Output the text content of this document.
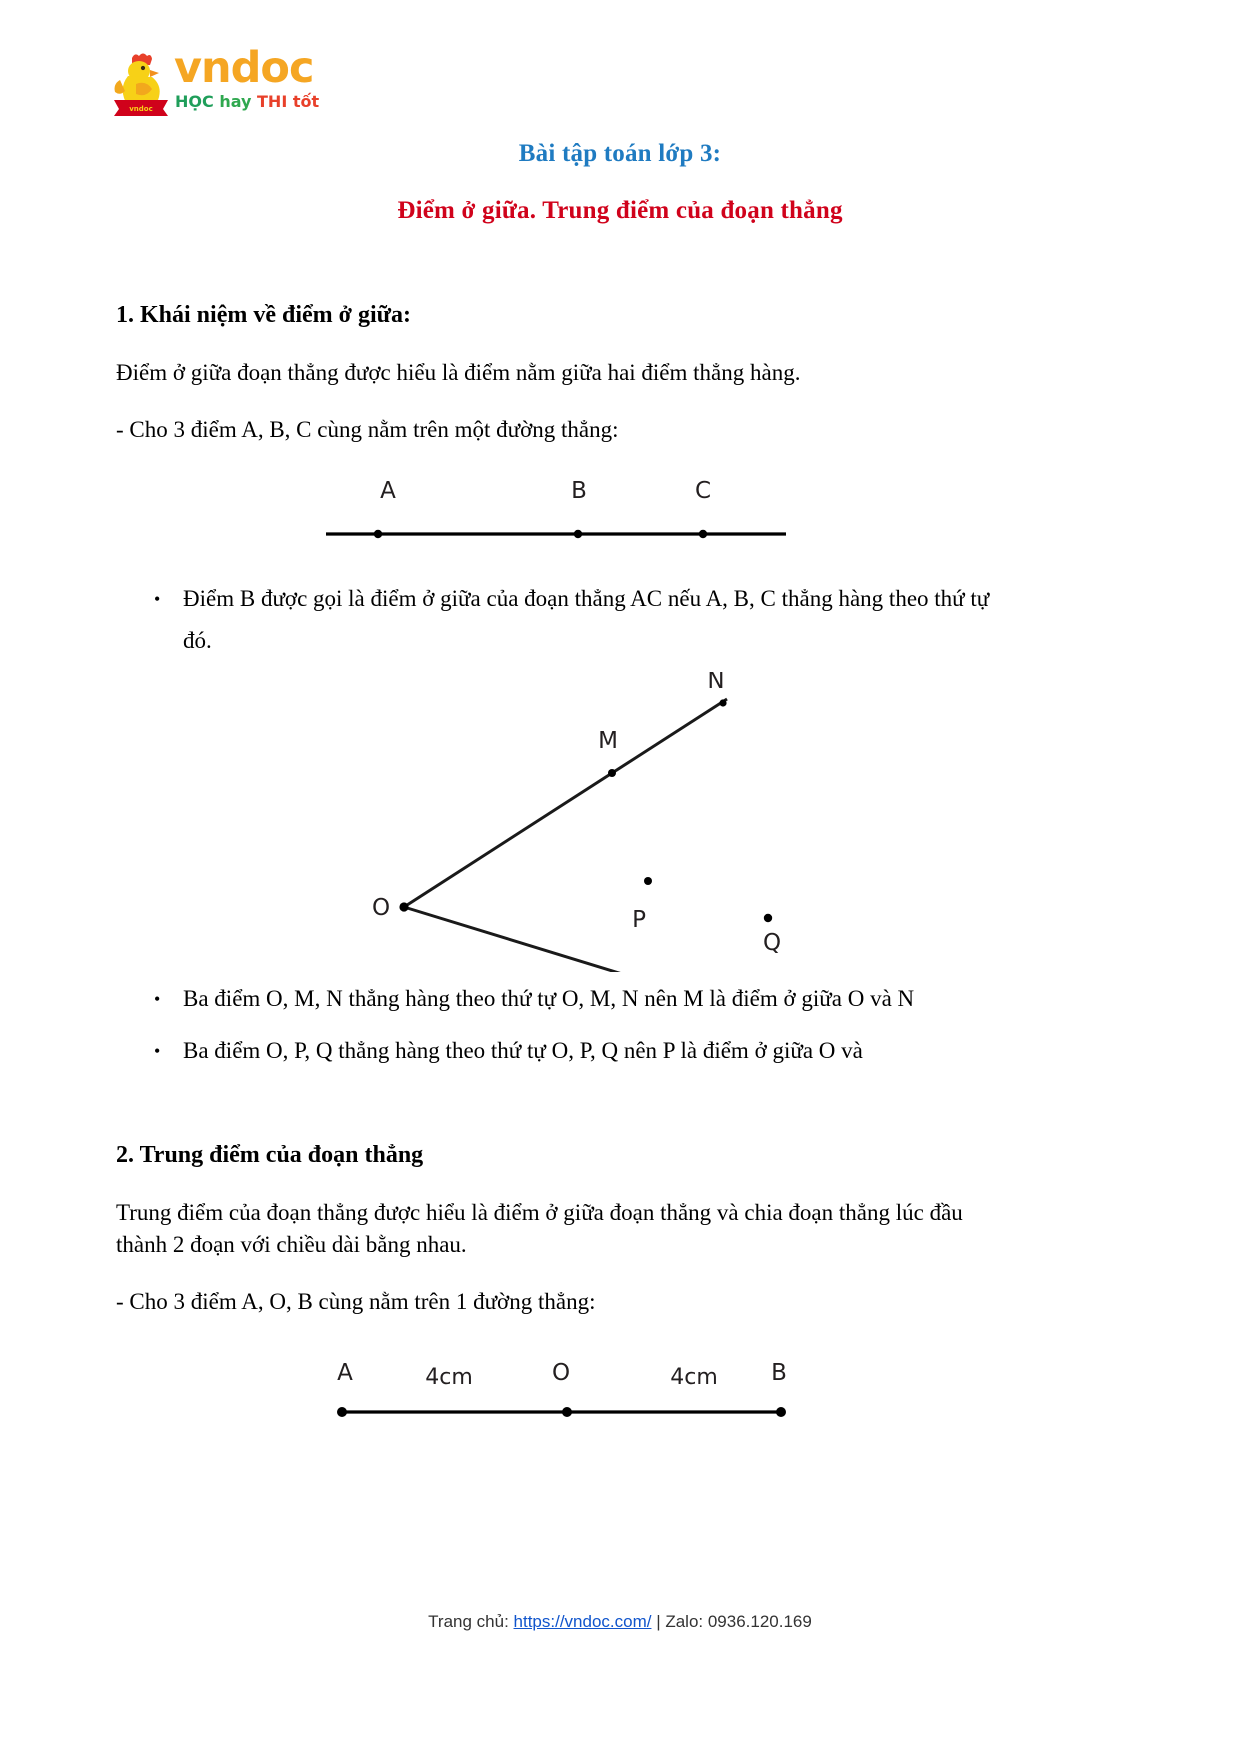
vndoc
vndoc
HỌC hay THI tốt
Bài tập toán lớp 3:
Điểm ở giữa. Trung điểm của đoạn thẳng
1. Khái niệm về điểm ở giữa:
Điểm ở giữa đoạn thẳng được hiểu là điểm nằm giữa hai điểm thẳng hàng.
- Cho 3 điểm A, B, C cùng nằm trên một đường thẳng:
A	B	C
• Điểm B được gọi là điểm ở giữa của đoạn thẳng AC nếu A, B, C thẳng hàng theo thứ tự đó.
O
M
N
P
Q
• Ba điểm O, M, N thẳng hàng theo thứ tự O, M, N nên M là điểm ở giữa O và N
• Ba điểm O, P, Q thẳng hàng theo thứ tự O, P, Q nên P là điểm ở giữa O và
2. Trung điểm của đoạn thẳng
Trung điểm của đoạn thẳng được hiểu là điểm ở giữa đoạn thẳng và chia đoạn thẳng lúc đầu thành 2 đoạn với chiều dài bằng nhau.
- Cho 3 điểm A, O, B cùng nằm trên 1 đường thẳng:
A	O	B
4cm	4cm
Trang chủ: https://vndoc.com/ | Zalo: 0936.120.169
